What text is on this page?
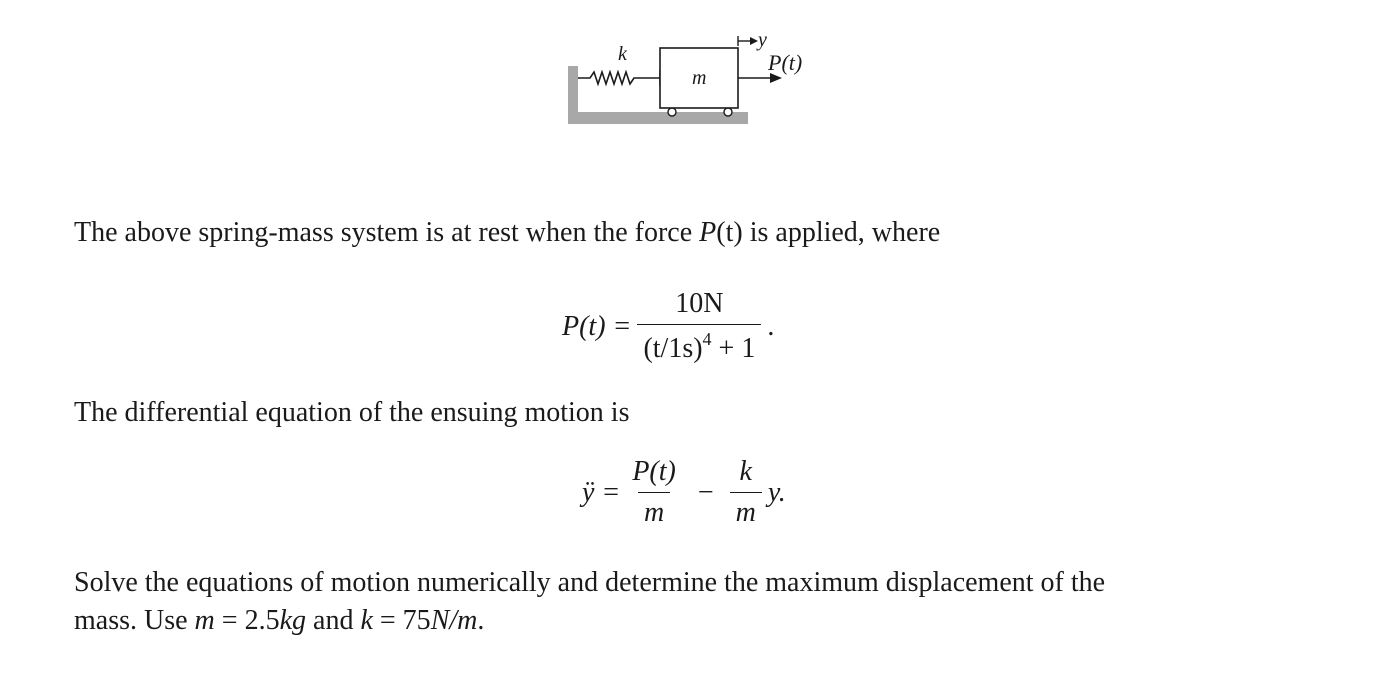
k
m
y
P(t)

The above spring-mass system is at rest when the force P(t) is applied, where

$P(t) = \frac{10N}{(t/1s)^4 + 1}$ .

The differential equation of the ensuing motion is

ÿ = $\frac{P(t)}{m} - \frac{k}{m} y$.

Solve the equations of motion numerically and determine the maximum displacement of the
mass. Use m = 2.5kg and k = 75N/m.
